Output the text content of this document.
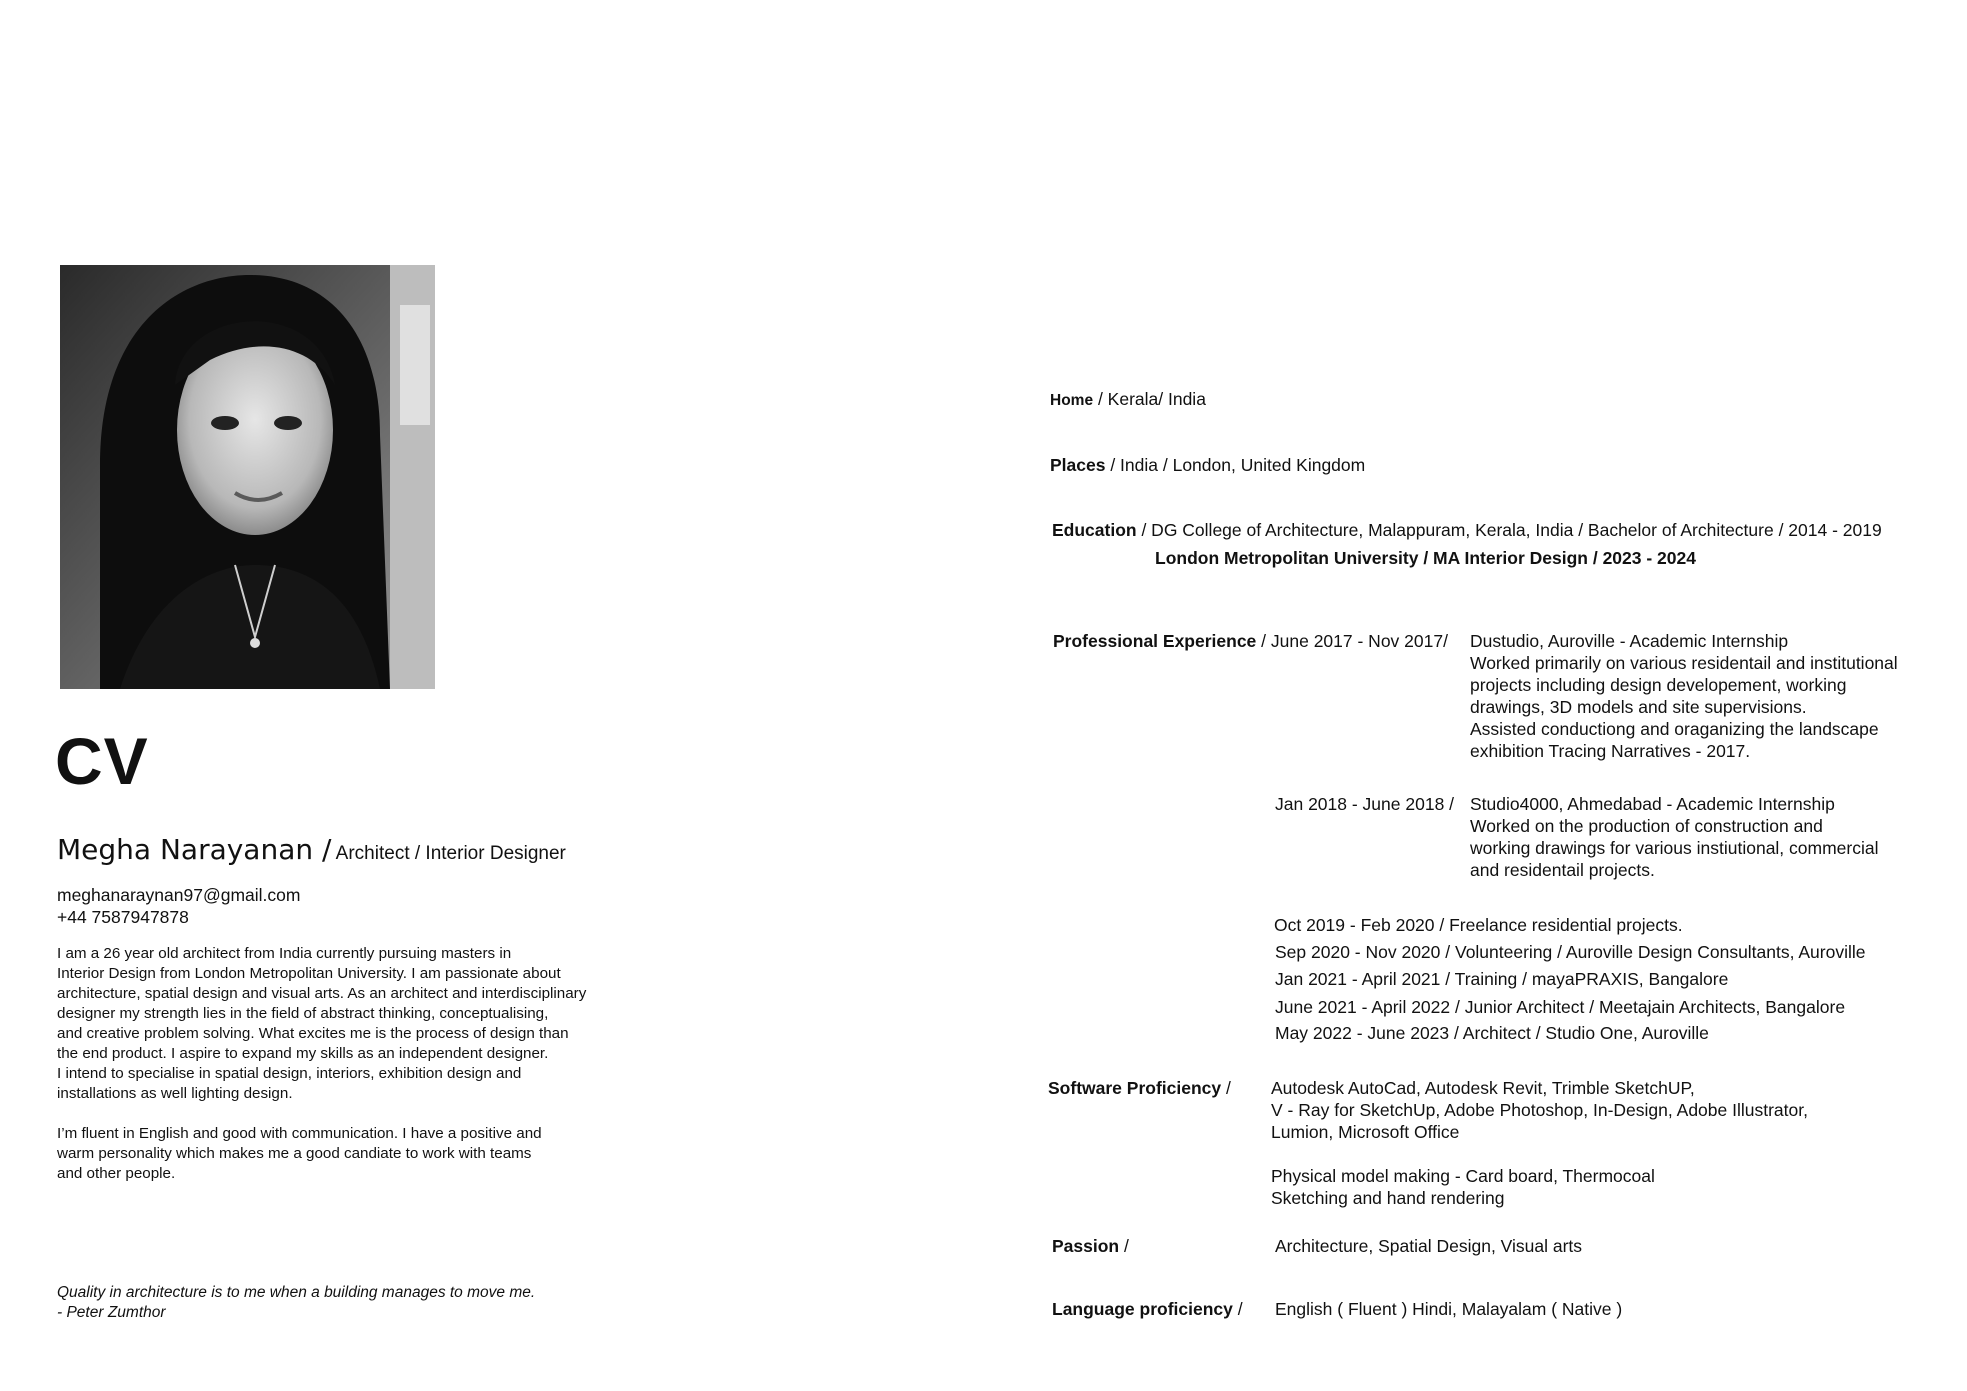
CV
Megha Narayanan / Architect / Interior Designer
meghanaraynan97@gmail.com
+44 7587947878

I am a 26 year old architect from India currently pursuing masters in
Interior Design from London Metropolitan University. I am passionate about
architecture, spatial design and visual arts. As an architect and interdisciplinary
designer my strength lies in the field of abstract thinking, conceptualising,
and creative problem solving. What excites me is the process of design than
the end product. I aspire to expand my skills as an independent designer.
I intend to specialise in spatial design, interiors, exhibition design and
installations as well lighting design.

I’m fluent in English and good with communication. I have a positive and
warm personality which makes me a good candiate to work with teams
and other people.

Quality in architecture is to me when a building manages to move me.
- Peter Zumthor
Home / Kerala/ India
Places / India / London, United Kingdom
Education / DG College of Architecture, Malappuram, Kerala, India / Bachelor of Architecture / 2014 - 2019
London Metropolitan University / MA Interior Design / 2023 - 2024
Professional Experience / June 2017 - Nov 2017/ Dustudio, Auroville - Academic Internship
Worked primarily on various residentail and institutional
projects including design developement, working
drawings, 3D models and site supervisions.
Assisted conductiong and oraganizing the landscape
exhibition Tracing Narratives - 2017.
Jan 2018 - June 2018 / Studio4000, Ahmedabad - Academic Internship
Worked on the production of construction and
working drawings for various instiutional, commercial
and residentail projects.
Oct 2019 - Feb 2020 / Freelance residential projects.
Sep 2020 - Nov 2020 / Volunteering / Auroville Design Consultants, Auroville
Jan 2021 - April 2021 / Training / mayaPRAXIS, Bangalore
June 2021 - April 2022 / Junior Architect / Meetajain Architects, Bangalore
May 2022 - June 2023 / Architect / Studio One, Auroville
Software Proficiency / Autodesk AutoCad, Autodesk Revit, Trimble SketchUP,
V - Ray for SketchUp, Adobe Photoshop, In-Design, Adobe Illustrator,
Lumion, Microsoft Office
Physical model making - Card board, Thermocoal
Sketching and hand rendering
Passion /	Architecture, Spatial Design, Visual arts
Language proficiency / English ( Fluent ) Hindi, Malayalam ( Native )
